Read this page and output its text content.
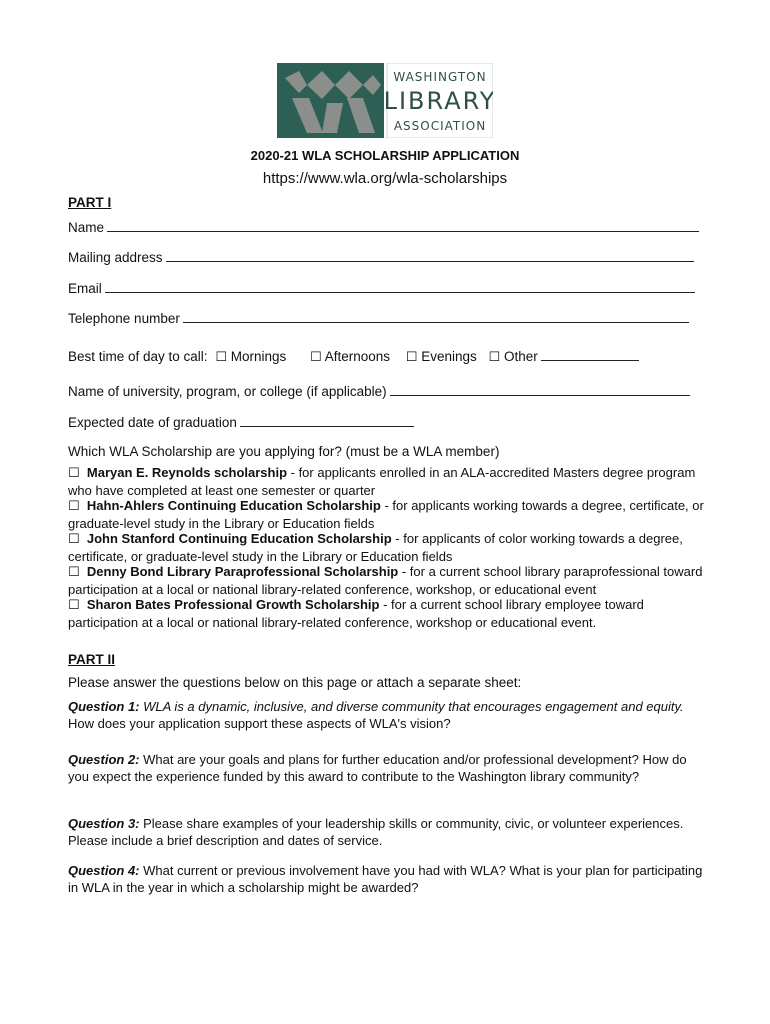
WASHINGTON
LIBRARY
ASSOCIATION
2020-21 WLA SCHOLARSHIP APPLICATION
https://www.wla.org/wla-scholarships
PART I
Name
Mailing address
Email
Telephone number
Best time of day to call: ☐ Mornings ☐ Afternoons ☐ Evenings ☐ Other
Name of university, program, or college (if applicable)
Expected date of graduation
Which WLA Scholarship are you applying for? (must be a WLA member)
☐ Maryan E. Reynolds scholarship - for applicants enrolled in an ALA-accredited Masters degree program who have completed at least one semester or quarter
☐ Hahn-Ahlers Continuing Education Scholarship - for applicants working towards a degree, certificate, or graduate-level study in the Library or Education fields
☐ John Stanford Continuing Education Scholarship - for applicants of color working towards a degree, certificate, or graduate-level study in the Library or Education fields
☐ Denny Bond Library Paraprofessional Scholarship - for a current school library paraprofessional toward participation at a local or national library-related conference, workshop, or educational event
☐ Sharon Bates Professional Growth Scholarship - for a current school library employee toward participation at a local or national library-related conference, workshop or educational event.
PART II
Please answer the questions below on this page or attach a separate sheet:
Question 1: WLA is a dynamic, inclusive, and diverse community that encourages engagement and equity. How does your application support these aspects of WLA's vision?
Question 2: What are your goals and plans for further education and/or professional development? How do you expect the experience funded by this award to contribute to the Washington library community?
Question 3: Please share examples of your leadership skills or community, civic, or volunteer experiences. Please include a brief description and dates of service.
Question 4: What current or previous involvement have you had with WLA? What is your plan for participating in WLA in the year in which a scholarship might be awarded?
